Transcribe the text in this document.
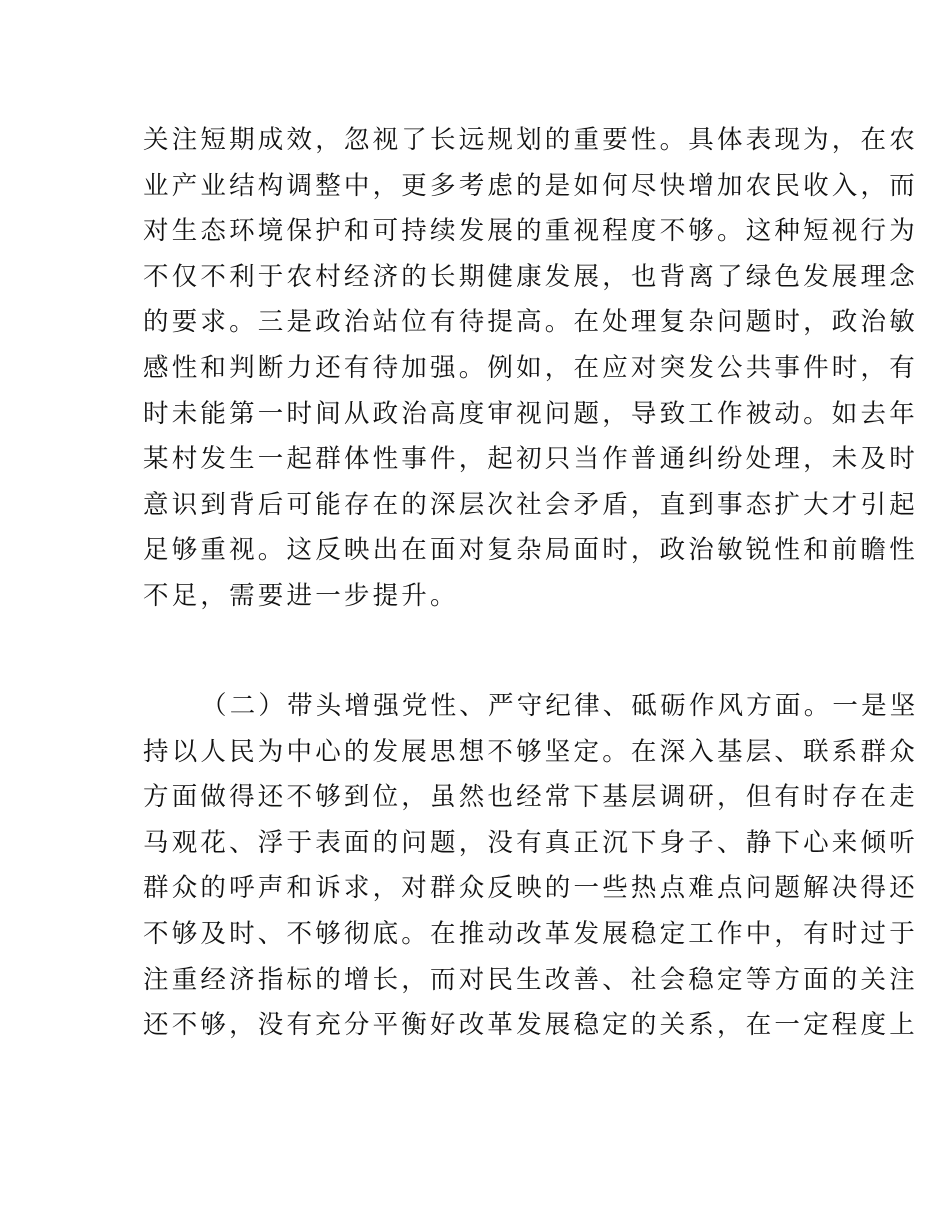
关注短期成效，忽视了长远规划的重要性。具体表现为，在农
业产业结构调整中，更多考虑的是如何尽快增加农民收入，而
对生态环境保护和可持续发展的重视程度不够。这种短视行为
不仅不利于农村经济的长期健康发展，也背离了绿色发展理念
的要求。三是政治站位有待提高。在处理复杂问题时，政治敏
感性和判断力还有待加强。例如，在应对突发公共事件时，有
时未能第一时间从政治高度审视问题，导致工作被动。如去年
某村发生一起群体性事件，起初只当作普通纠纷处理，未及时
意识到背后可能存在的深层次社会矛盾，直到事态扩大才引起
足够重视。这反映出在面对复杂局面时，政治敏锐性和前瞻性
不足，需要进一步提升。
（二）带头增强党性、严守纪律、砥砺作风方面。一是坚
持以人民为中心的发展思想不够坚定。在深入基层、联系群众
方面做得还不够到位，虽然也经常下基层调研，但有时存在走
马观花、浮于表面的问题，没有真正沉下身子、静下心来倾听
群众的呼声和诉求，对群众反映的一些热点难点问题解决得还
不够及时、不够彻底。在推动改革发展稳定工作中，有时过于
注重经济指标的增长，而对民生改善、社会稳定等方面的关注
还不够，没有充分平衡好改革发展稳定的关系，在一定程度上
